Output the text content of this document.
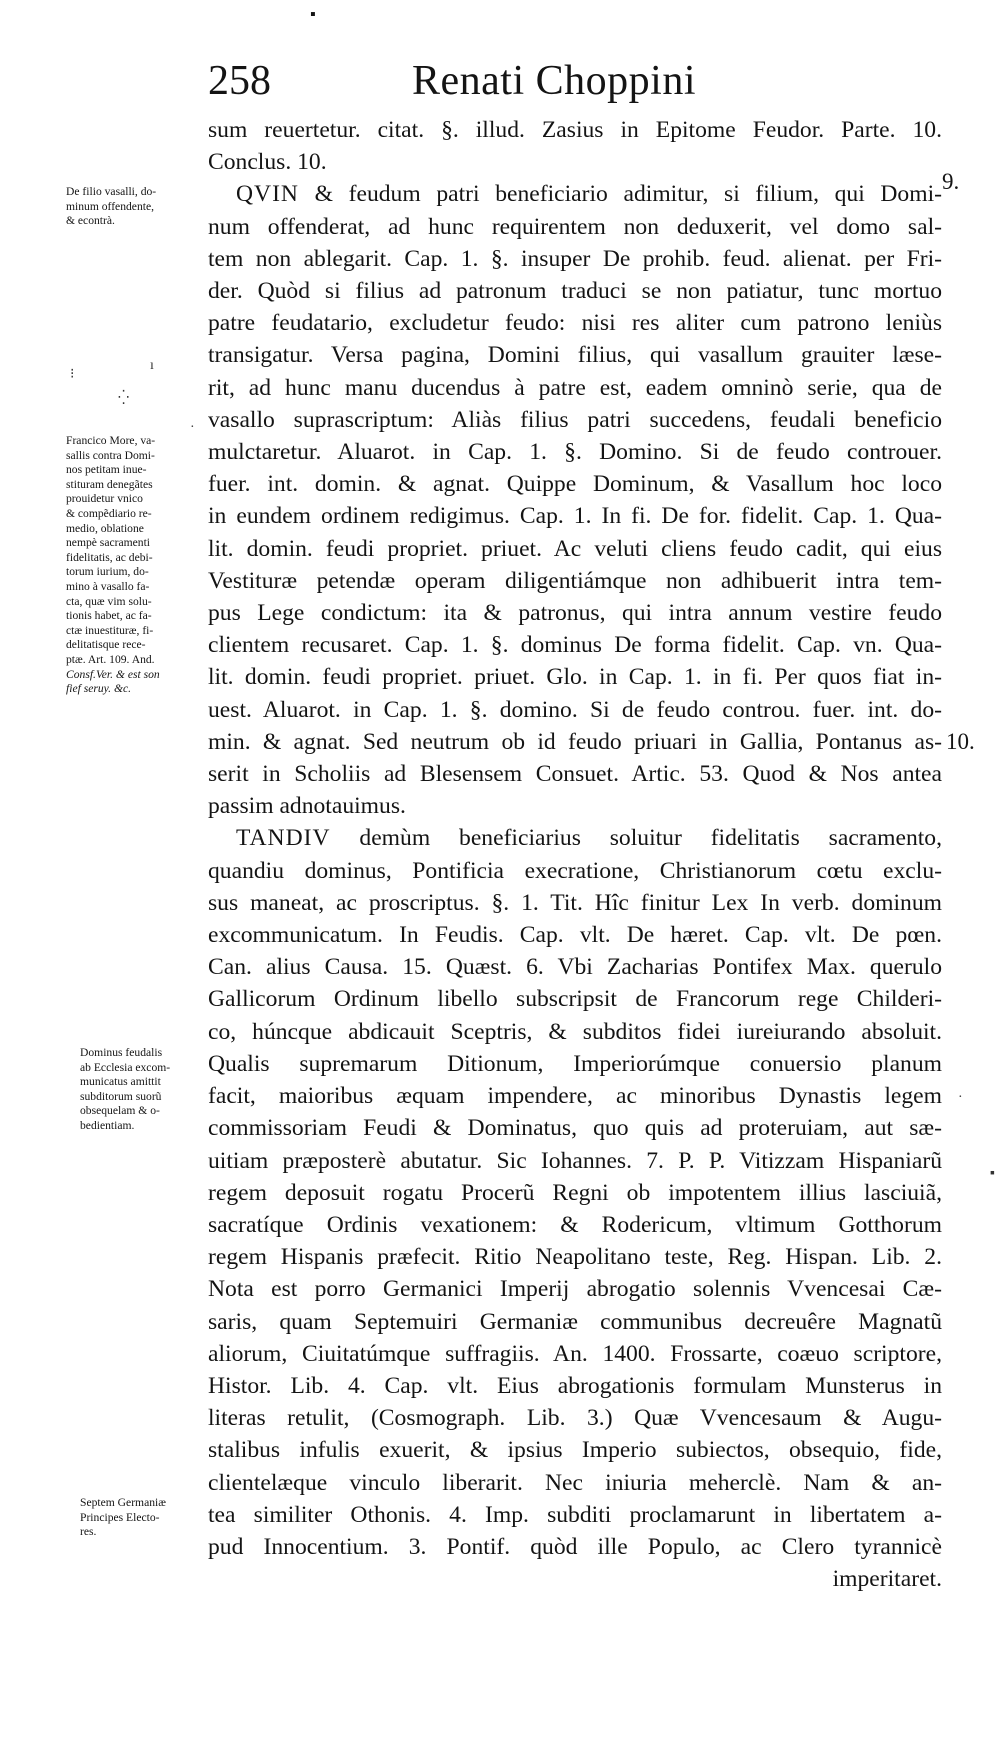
▪
258	Renati Choppini
9.
10.
De filio vasalli, do-
minum offendente,
& econtrà.
Francico More, va-
sallis contra Domi-
nos petitam inue-
stituram denegãtes
prouidetur vnico
& compẽdiario re-
medio, oblatione
nempè sacramenti
fidelitatis, ac debi-
torum iurium, do-
mino à vasallo fa-
cta, quæ vim solu-
tionis habet, ac fa-
ctæ inuestituræ, fi-
delitatisque rece-
ptæ. Art. 109. And.
Consf.Ver. & est son
fief seruy. &c.
Dominus feudalis
ab Ecclesia excom-
municatus amittit
subditorum suorũ
obsequelam & o-
bedientiam.
Septem Germaniæ
Principes Electo-
res.
⁝
ı
⁛
·
·
▪
sum reuertetur. citat. §. illud. Zasius in Epitome Feudor. Parte. 10.
Conclus. 10.
QVIN & feudum patri beneficiario adimitur, si filium, qui Domi-
num offenderat, ad hunc requirentem non deduxerit, vel domo sal-
tem non ablegarit. Cap. 1. §. insuper De prohib. feud. alienat. per Fri-
der. Quòd si filius ad patronum traduci se non patiatur, tunc mortuo
patre feudatario, excludetur feudo: nisi res aliter cum patrono leniùs
transigatur. Versa pagina, Domini filius, qui vasallum grauiter læse-
rit, ad hunc manu ducendus à patre est, eadem omninò serie, qua de
vasallo suprascriptum: Aliàs filius patri succedens, feudali beneficio
mulctaretur. Aluarot. in Cap. 1. §. Domino. Si de feudo controuer.
fuer. int. domin. & agnat. Quippe Dominum, & Vasallum hoc loco
in eundem ordinem redigimus. Cap. 1. In fi. De for. fidelit. Cap. 1. Qua-
lit. domin. feudi propriet. priuet. Ac veluti cliens feudo cadit, qui eius
Vestituræ petendæ operam diligentiámque non adhibuerit intra tem-
pus Lege condictum: ita & patronus, qui intra annum vestire feudo
clientem recusaret. Cap. 1. §. dominus De forma fidelit. Cap. vn. Qua-
lit. domin. feudi propriet. priuet. Glo. in Cap. 1. in fi. Per quos fiat in-
uest. Aluarot. in Cap. 1. §. domino. Si de feudo controu. fuer. int. do-
min. & agnat. Sed neutrum ob id feudo priuari in Gallia, Pontanus as-
serit in Scholiis ad Blesensem Consuet. Artic. 53. Quod & Nos antea
passim adnotauimus.
TANDIV demùm beneficiarius soluitur fidelitatis sacramento,
quandiu dominus, Pontificia execratione, Christianorum cœtu exclu-
sus maneat, ac proscriptus. §. 1. Tit. Hîc finitur Lex In verb. dominum
excommunicatum. In Feudis. Cap. vlt. De hæret. Cap. vlt. De pœn.
Can. alius Causa. 15. Quæst. 6. Vbi Zacharias Pontifex Max. querulo
Gallicorum Ordinum libello subscripsit de Francorum rege Childeri-
co, húncque abdicauit Sceptris, & subditos fidei iureiurando absoluit.
Qualis supremarum Ditionum, Imperiorúmque conuersio planum
facit, maioribus æquam impendere, ac minoribus Dynastis legem
commissoriam Feudi & Dominatus, quo quis ad proteruiam, aut sæ-
uitiam præposterè abutatur. Sic Iohannes. 7. P. P. Vitizzam Hispaniarũ
regem deposuit rogatu Procerũ Regni ob impotentem illius lasciuiã,
sacratíque Ordinis vexationem: & Rodericum, vltimum Gotthorum
regem Hispanis præfecit. Ritio Neapolitano teste, Reg. Hispan. Lib. 2.
Nota est porro Germanici Imperij abrogatio solennis Vvencesai Cæ-
saris, quam Septemuiri Germaniæ communibus decreuêre Magnatũ
aliorum, Ciuitatúmque suffragiis. An. 1400. Frossarte, coæuo scriptore,
Histor. Lib. 4. Cap. vlt. Eius abrogationis formulam Munsterus in
literas retulit, (Cosmograph. Lib. 3.) Quæ Vvencesaum & Augu-
stalibus infulis exuerit, & ipsius Imperio subiectos, obsequio, fide,
clientelæque vinculo liberarit. Nec iniuria meherclè. Nam & an-
tea similiter Othonis. 4. Imp. subditi proclamarunt in libertatem a-
pud Innocentium. 3. Pontif. quòd ille Populo, ac Clero tyrannicè
imperitaret.
